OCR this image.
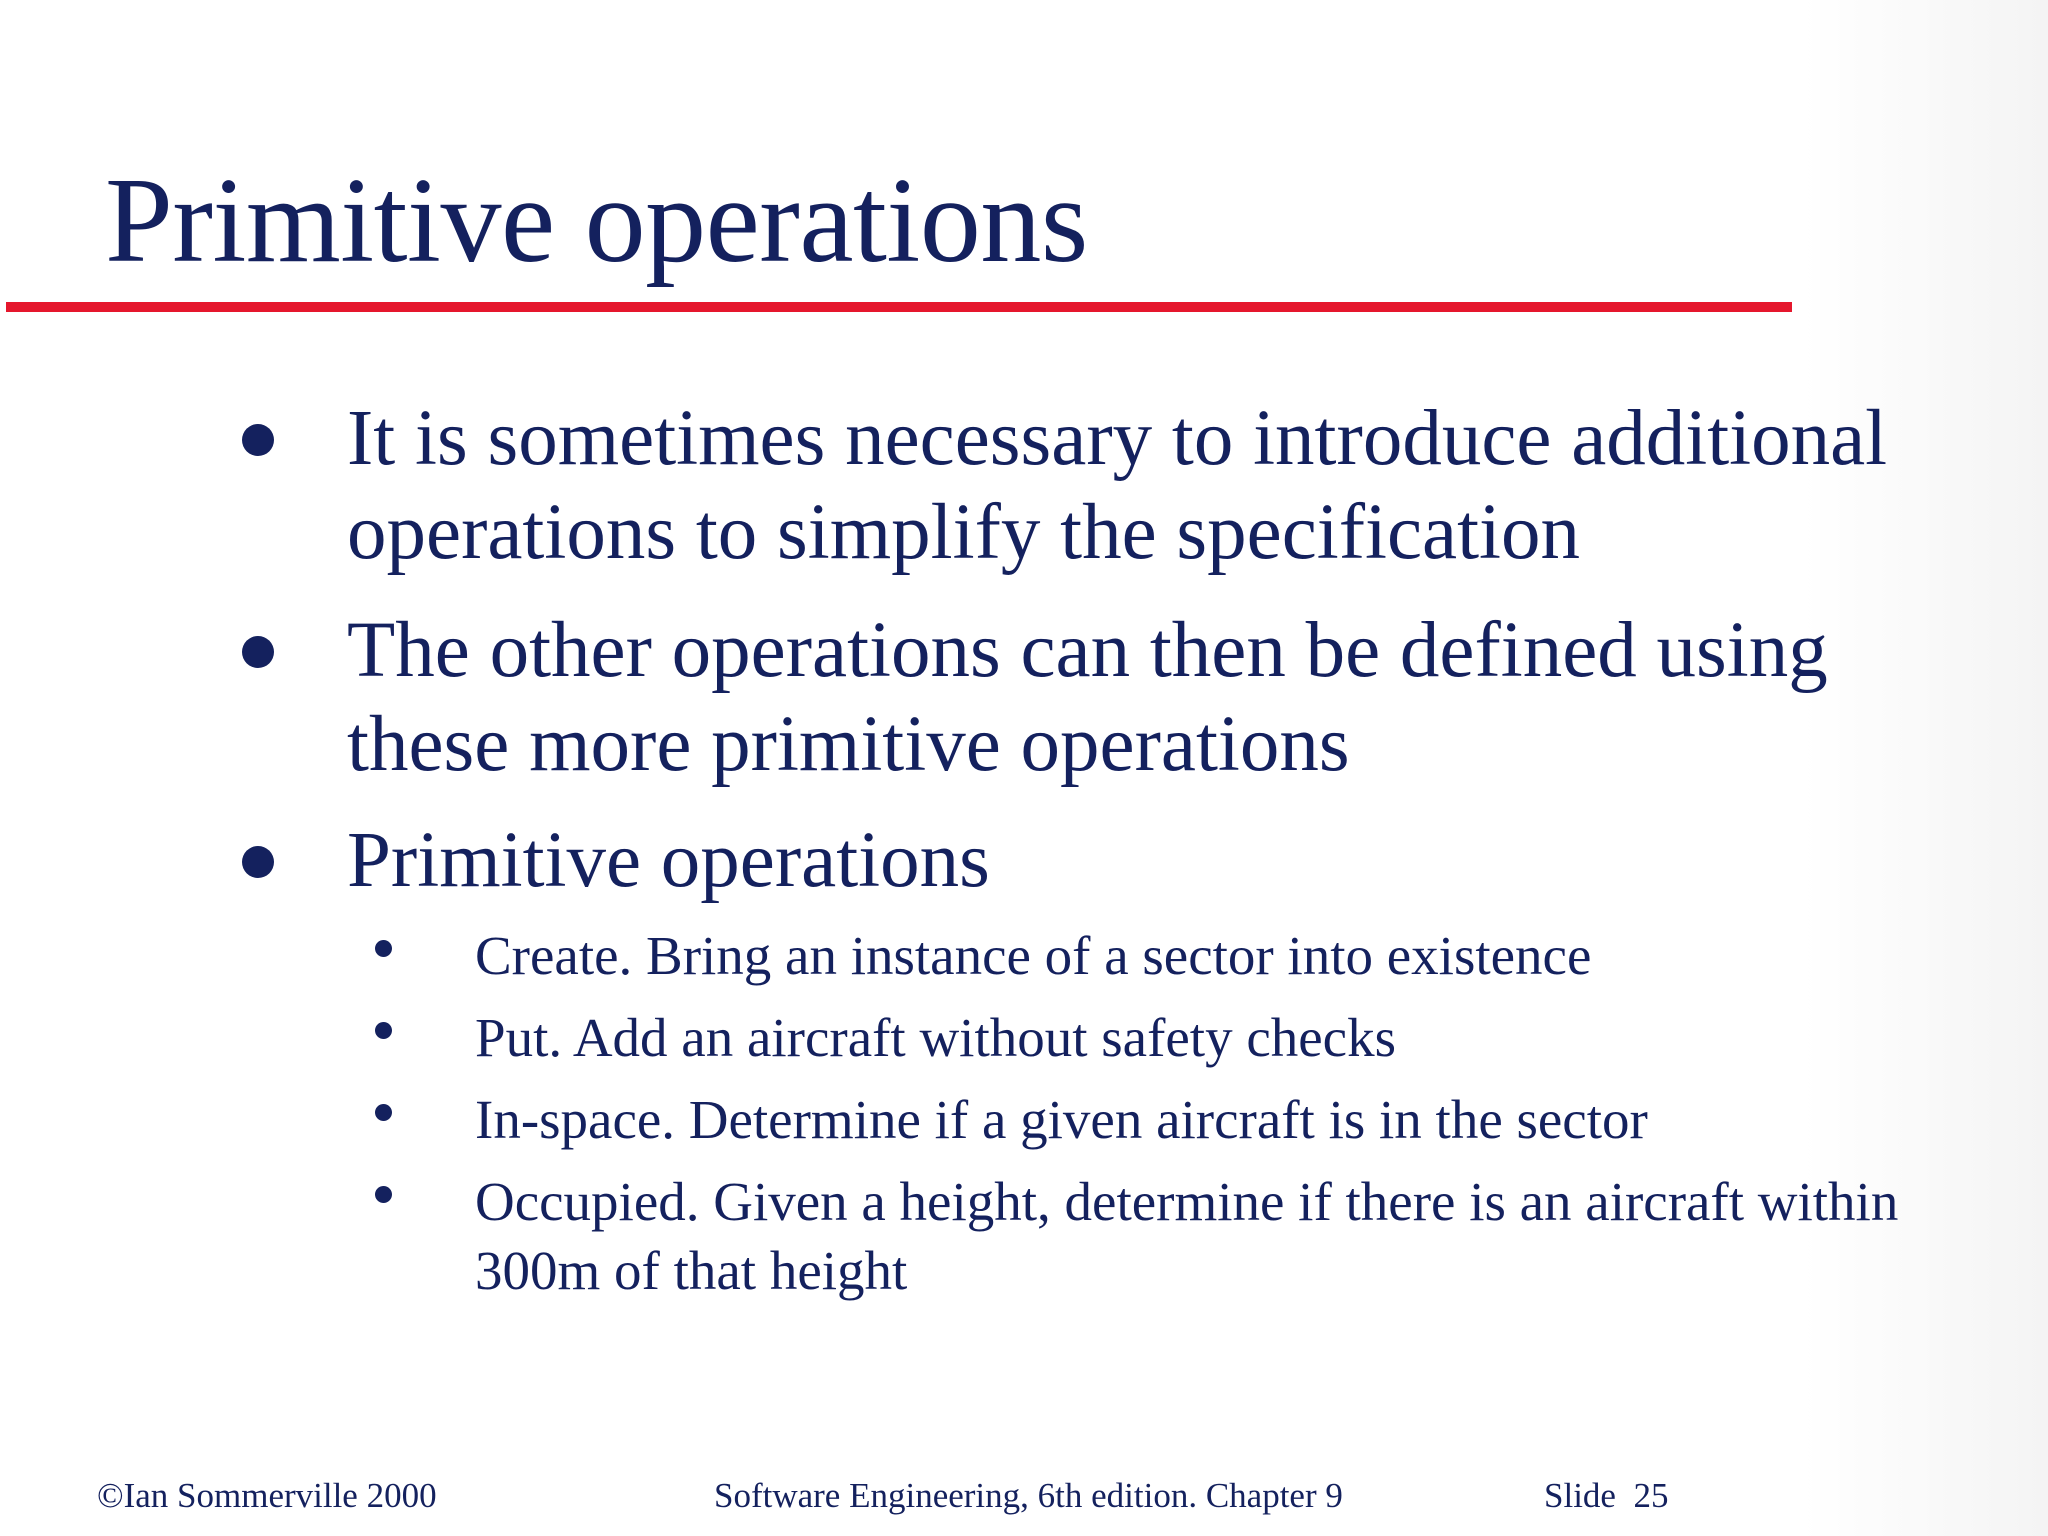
Primitive operations
It is sometimes necessary to introduce additional operations to simplify the specification
The other operations can then be defined using these more primitive operations
Primitive operations
Create. Bring an instance of a sector into existence
Put. Add an aircraft without safety checks
In-space. Determine if a given aircraft is in the sector
Occupied. Given a height, determine if there is an aircraft within 300m of that height
©Ian Sommerville 2000	Software Engineering, 6th edition. Chapter 9	Slide  25
